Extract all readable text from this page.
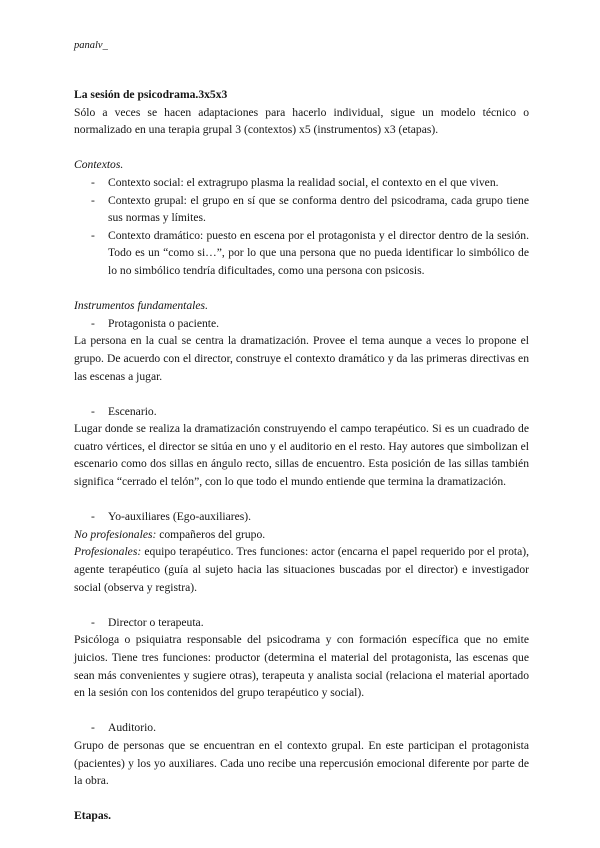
panalv_

La sesión de psicodrama.3x5x3

Sólo a veces se hacen adaptaciones para hacerlo individual, sigue un modelo técnico o normalizado en una terapia grupal 3 (contextos) x5 (instrumentos) x3 (etapas).

Contextos.

- Contexto social: el extragrupo plasma la realidad social, el contexto en el que viven.
- Contexto grupal: el grupo en sí que se conforma dentro del psicodrama, cada grupo tiene sus normas y límites.
- Contexto dramático: puesto en escena por el protagonista y el director dentro de la sesión. Todo es un “como si…”, por lo que una persona que no pueda identificar lo simbólico de lo no simbólico tendría dificultades, como una persona con psicosis.

Instrumentos fundamentales.

- Protagonista o paciente.

La persona en la cual se centra la dramatización. Provee el tema aunque a veces lo propone el grupo. De acuerdo con el director, construye el contexto dramático y da las primeras directivas en las escenas a jugar.

- Escenario.

Lugar donde se realiza la dramatización construyendo el campo terapéutico. Si es un cuadrado de cuatro vértices, el director se sitúa en uno y el auditorio en el resto. Hay autores que simbolizan el escenario como dos sillas en ángulo recto, sillas de encuentro. Esta posición de las sillas también significa “cerrado el telón”, con lo que todo el mundo entiende que termina la dramatización.

- Yo-auxiliares (Ego-auxiliares).

No profesionales: compañeros del grupo.

Profesionales: equipo terapéutico. Tres funciones: actor (encarna el papel requerido por el prota), agente terapéutico (guía al sujeto hacia las situaciones buscadas por el director) e investigador social (observa y registra).

- Director o terapeuta.

Psicóloga o psiquiatra responsable del psicodrama y con formación específica que no emite juicios. Tiene tres funciones: productor (determina el material del protagonista, las escenas que sean más convenientes y sugiere otras), terapeuta y analista social (relaciona el material aportado en la sesión con los contenidos del grupo terapéutico y social).

- Auditorio.

Grupo de personas que se encuentran en el contexto grupal. En este participan el protagonista (pacientes) y los yo auxiliares. Cada uno recibe una repercusión emocional diferente por parte de la obra.

Etapas.
